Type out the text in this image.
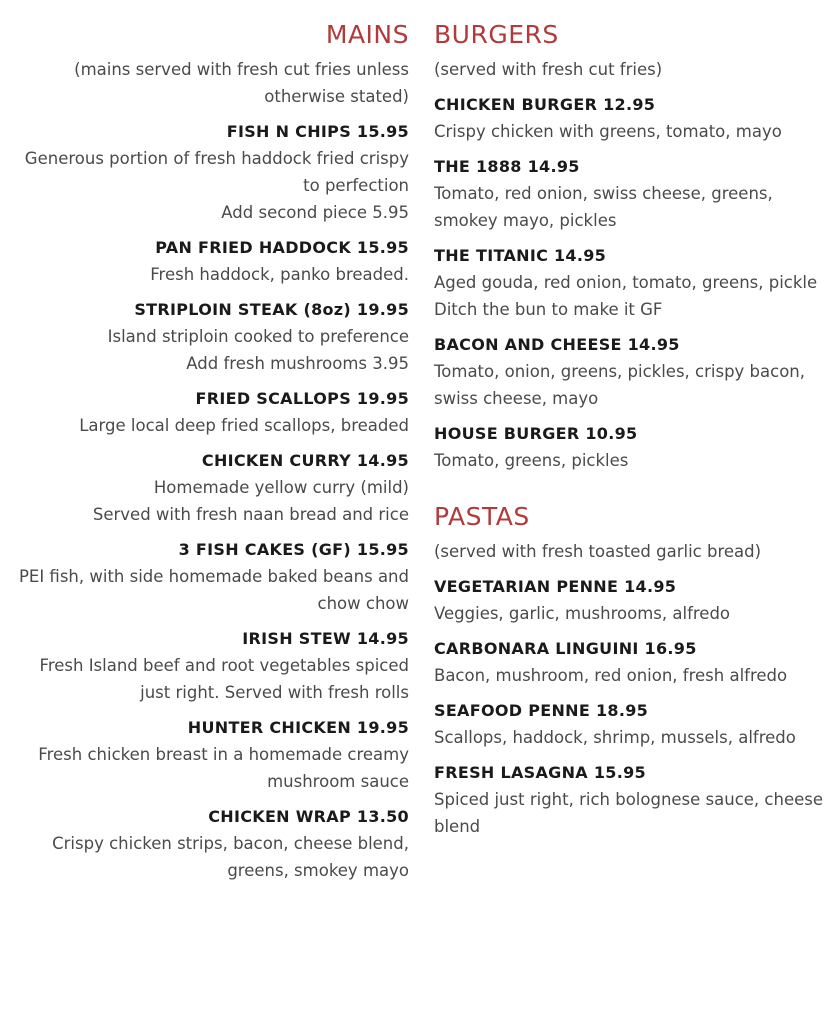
MAINS
(mains served with fresh cut fries unless otherwise stated)
FISH N CHIPS 15.95
Generous portion of fresh haddock fried crispy to perfection
Add second piece 5.95
PAN FRIED HADDOCK 15.95
Fresh haddock, panko breaded.
STRIPLOIN STEAK (8oz) 19.95
Island striploin cooked to preference
Add fresh mushrooms 3.95
FRIED SCALLOPS 19.95
Large local deep fried scallops, breaded
CHICKEN CURRY 14.95
Homemade yellow curry (mild)
Served with fresh naan bread and rice
3 FISH CAKES (GF) 15.95
PEI fish, with side homemade baked beans and chow chow
IRISH STEW 14.95
Fresh Island beef and root vegetables spiced just right. Served with fresh rolls
HUNTER CHICKEN 19.95
Fresh chicken breast in a homemade creamy mushroom sauce
CHICKEN WRAP 13.50
Crispy chicken strips, bacon, cheese blend, greens, smokey mayo
BURGERS
(served with fresh cut fries)
CHICKEN BURGER 12.95
Crispy chicken with greens, tomato, mayo
THE 1888 14.95
Tomato, red onion, swiss cheese, greens, smokey mayo, pickles
THE TITANIC 14.95
Aged gouda, red onion, tomato, greens, pickle
Ditch the bun to make it GF
BACON AND CHEESE 14.95
Tomato, onion, greens, pickles, crispy bacon, swiss cheese, mayo
HOUSE BURGER 10.95
Tomato, greens, pickles
PASTAS
(served with fresh toasted garlic bread)
VEGETARIAN PENNE 14.95
Veggies, garlic, mushrooms, alfredo
CARBONARA LINGUINI 16.95
Bacon, mushroom, red onion, fresh alfredo
SEAFOOD PENNE 18.95
Scallops, haddock, shrimp, mussels, alfredo
FRESH LASAGNA 15.95
Spiced just right, rich bolognese sauce, cheese blend
